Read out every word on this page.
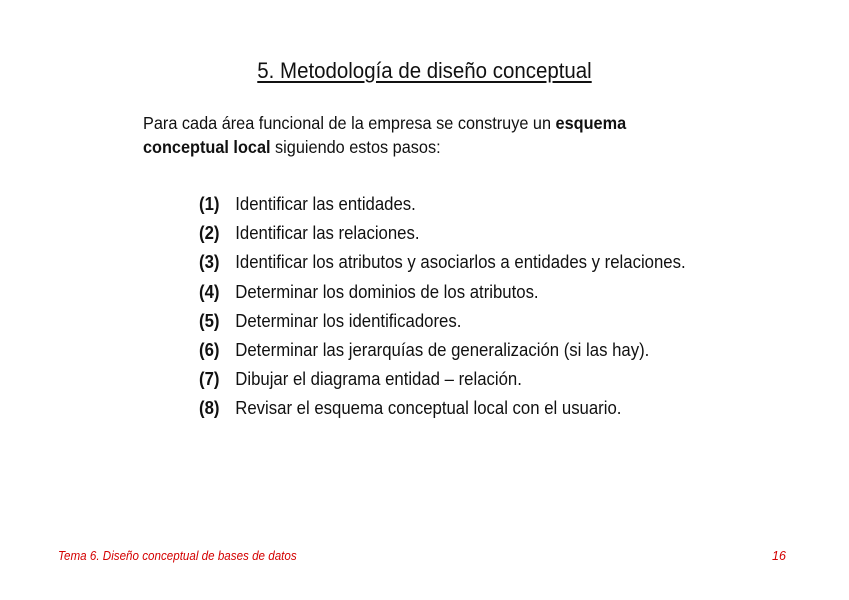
5. Metodología de diseño conceptual
Para cada área funcional de la empresa se construye un esquema conceptual local siguiendo estos pasos:
(1) Identificar las entidades.
(2) Identificar las relaciones.
(3) Identificar los atributos y asociarlos a entidades y relaciones.
(4) Determinar los dominios de los atributos.
(5) Determinar los identificadores.
(6) Determinar las jerarquías de generalización (si las hay).
(7) Dibujar el diagrama entidad – relación.
(8) Revisar el esquema conceptual local con el usuario.
Tema 6. Diseño conceptual de bases de datos	16
